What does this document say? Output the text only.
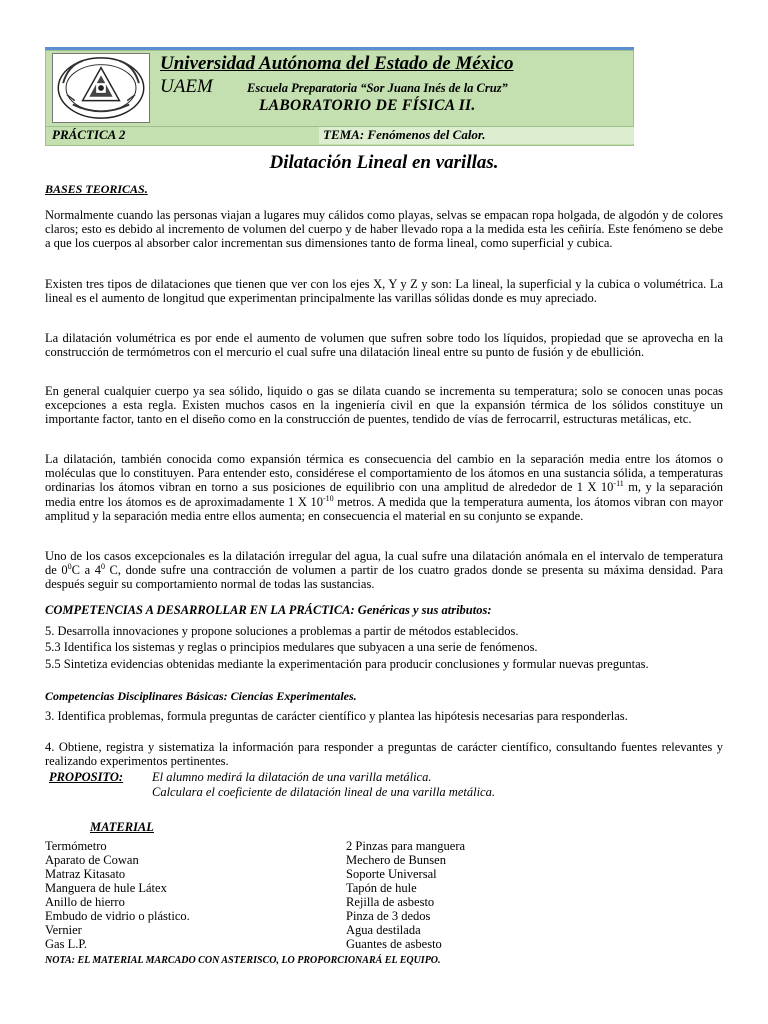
Universidad Autónoma del Estado de México
UAEM	Escuela Preparatoria “Sor Juana Inés de la Cruz”
LABORATORIO DE FÍSICA II.
PRÁCTICA 2	TEMA: Fenómenos del Calor.
Dilatación Lineal en varillas.
BASES TEORICAS.
Normalmente cuando las personas viajan a lugares muy cálidos como playas, selvas se empacan ropa holgada, de algodón y de colores claros; esto es debido al incremento de volumen del cuerpo y de haber llevado ropa a la medida esta les ceñiría. Este fenómeno se debe a que los cuerpos al absorber calor incrementan sus dimensiones tanto de forma lineal, como superficial y cubica.
Existen tres tipos de dilataciones que tienen que ver con los ejes X, Y y Z y son: La lineal, la superficial y la cubica o volumétrica. La lineal es el aumento de longitud que experimentan principalmente las varillas sólidas donde es muy apreciado.
La dilatación volumétrica es por ende el aumento de volumen que sufren sobre todo los líquidos, propiedad que se aprovecha en la construcción de termómetros con el mercurio el cual sufre una dilatación lineal entre su punto de fusión y de ebullición.
En general cualquier cuerpo ya sea sólido, liquido o gas se dilata cuando se incrementa su temperatura; solo se conocen unas pocas excepciones a esta regla. Existen muchos casos en la ingeniería civil en que la expansión térmica de los sólidos constituye un importante factor, tanto en el diseño como en la construcción de puentes, tendido de vías de ferrocarril, estructuras metálicas, etc.
La dilatación, también conocida como expansión térmica es consecuencia del cambio en la separación media entre los átomos o moléculas que lo constituyen. Para entender esto, considérese el comportamiento de los átomos en una sustancia sólida, a temperaturas ordinarias los átomos vibran en torno a sus posiciones de equilibrio con una amplitud de alrededor de 1 X $10^{-11}$ m, y la separación media entre los átomos es de aproximadamente 1 X $10^{-10}$ metros. A medida que la temperatura aumenta, los átomos vibran con mayor amplitud y la separación media entre ellos aumenta; en consecuencia el material en su conjunto se expande.
Uno de los casos excepcionales es la dilatación irregular del agua, la cual sufre una dilatación anómala en el intervalo de temperatura de $0^0C$ a $4^0$ C, donde sufre una contracción de volumen a partir de los cuatro grados donde se presenta su máxima densidad. Para después seguir su comportamiento normal de todas las sustancias.
COMPETENCIAS A DESARROLLAR EN LA PRÁCTICA: Genéricas y sus atributos:
5. Desarrolla innovaciones y propone soluciones a problemas a partir de métodos establecidos.
5.3 Identifica los sistemas y reglas o principios medulares que subyacen a una serie de fenómenos.
5.5 Sintetiza evidencias obtenidas mediante la experimentación para producir conclusiones y formular nuevas preguntas.
Competencias Disciplinares Básicas: Ciencias Experimentales.
3. Identifica problemas, formula preguntas de carácter científico y plantea las hipótesis necesarias para responderlas.
4. Obtiene, registra y sistematiza la información para responder a preguntas de carácter científico, consultando fuentes relevantes y realizando experimentos pertinentes.
PROPOSITO: El alumno medirá la dilatación de una varilla metálica.
Calculara el coeficiente de dilatación lineal de una varilla metálica.
MATERIAL
Termómetro
Aparato de Cowan
Matraz Kitasato
Manguera de hule Látex
Anillo de hierro
Embudo de vidrio o plástico.
Vernier
Gas L.P.
2 Pinzas para manguera
Mechero de Bunsen
Soporte Universal
Tapón de hule
Rejilla de asbesto
Pinza de 3 dedos
Agua destilada
Guantes de asbesto
NOTA: EL MATERIAL MARCADO CON ASTERISCO, LO PROPORCIONARÁ EL EQUIPO.
